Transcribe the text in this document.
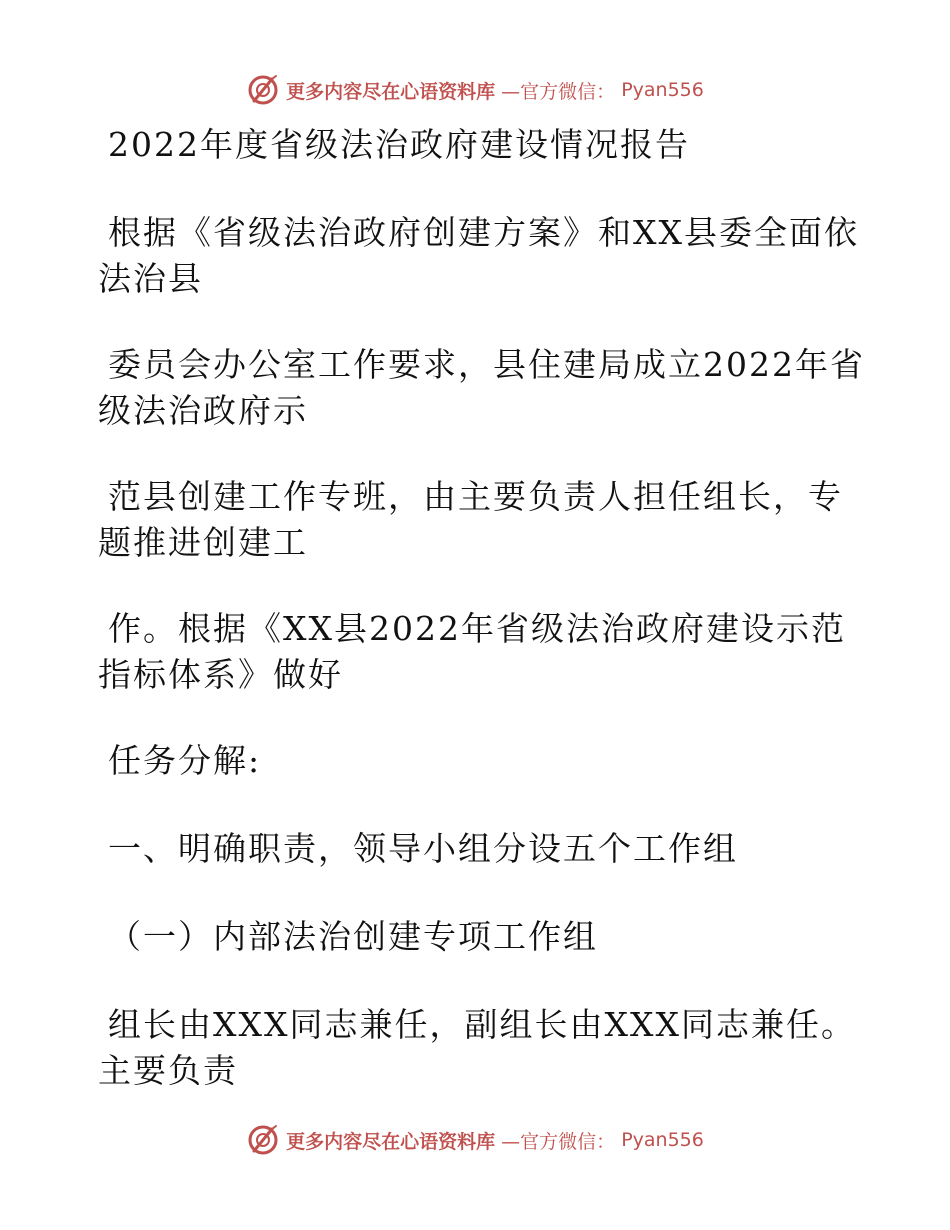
更多内容尽在心语资料库 —官方微信： Pyan556

2022年度省级法治政府建设情况报告

根据《省级法治政府创建方案》和XX县委全面依法治县

委员会办公室工作要求，县住建局成立2022年省级法治政府示

范县创建工作专班，由主要负责人担任组长，专题推进创建工

作。根据《XX县2022年省级法治政府建设示范指标体系》做好

任务分解:

一、明确职责，领导小组分设五个工作组

（一）内部法治创建专项工作组

组长由XXX同志兼任，副组长由XXX同志兼任。主要负责

更多内容尽在心语资料库 —官方微信： Pyan556
